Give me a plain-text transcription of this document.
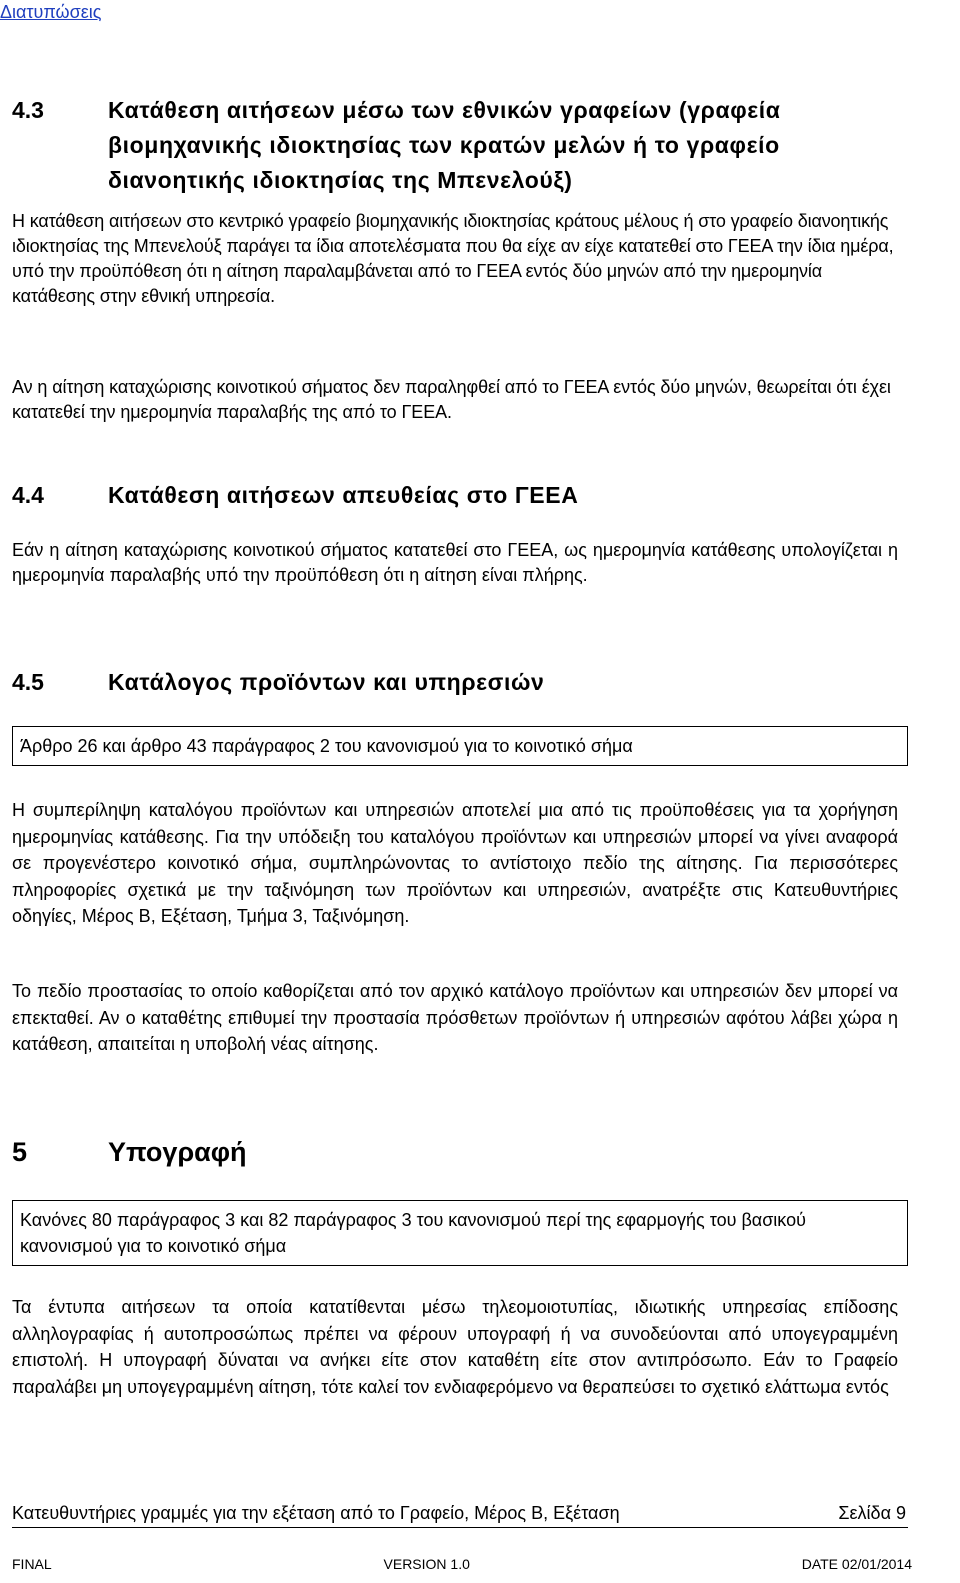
Διατυπώσεις
4.3	Κατάθεση αιτήσεων μέσω των εθνικών γραφείων (γραφεία βιομηχανικής ιδιοκτησίας των κρατών μελών ή το γραφείο διανοητικής ιδιοκτησίας της Μπενελούξ)

Η κατάθεση αιτήσεων στο κεντρικό γραφείο βιομηχανικής ιδιοκτησίας κράτους μέλους ή στο γραφείο διανοητικής ιδιοκτησίας της Μπενελούξ παράγει τα ίδια αποτελέσματα που θα είχε αν είχε κατατεθεί στο ΓΕΕΑ την ίδια ημέρα, υπό την προϋπόθεση ότι η αίτηση παραλαμβάνεται από το ΓΕΕΑ εντός δύο μηνών από την ημερομηνία κατάθεσης στην εθνική υπηρεσία.

Αν η αίτηση καταχώρισης κοινοτικού σήματος δεν παραληφθεί από το ΓΕΕΑ εντός δύο μηνών, θεωρείται ότι έχει κατατεθεί την ημερομηνία παραλαβής της από το ΓΕΕΑ.

4.4	Κατάθεση αιτήσεων απευθείας στο ΓΕΕΑ

Εάν η αίτηση καταχώρισης κοινοτικού σήματος κατατεθεί στο ΓΕΕΑ, ως ημερομηνία κατάθεσης υπολογίζεται η ημερομηνία παραλαβής υπό την προϋπόθεση ότι η αίτηση είναι πλήρης.

4.5	Κατάλογος προϊόντων και υπηρεσιών
Άρθρο 26 και άρθρο 43 παράγραφος 2 του κανονισμού για το κοινοτικό σήμα

Η συμπερίληψη καταλόγου προϊόντων και υπηρεσιών αποτελεί μια από τις προϋποθέσεις για τα χορήγηση ημερομηνίας κατάθεσης. Για την υπόδειξη του καταλόγου προϊόντων και υπηρεσιών μπορεί να γίνει αναφορά σε προγενέστερο κοινοτικό σήμα, συμπληρώνοντας το αντίστοιχο πεδίο της αίτησης. Για περισσότερες πληροφορίες σχετικά με την ταξινόμηση των προϊόντων και υπηρεσιών, ανατρέξτε στις Κατευθυντήριες οδηγίες, Μέρος Β, Εξέταση, Τμήμα 3, Ταξινόμηση.

Το πεδίο προστασίας το οποίο καθορίζεται από τον αρχικό κατάλογο προϊόντων και υπηρεσιών δεν μπορεί να επεκταθεί. Αν ο καταθέτης επιθυμεί την προστασία πρόσθετων προϊόντων ή υπηρεσιών αφότου λάβει χώρα η κατάθεση, απαιτείται η υποβολή νέας αίτησης.

5	Υπογραφή
Κανόνες 80 παράγραφος 3 και 82 παράγραφος 3 του κανονισμού περί της εφαρμογής του βασικού κανονισμού για το κοινοτικό σήμα

Τα έντυπα αιτήσεων τα οποία κατατίθενται μέσω τηλεομοιοτυπίας, ιδιωτικής υπηρεσίας επίδοσης αλληλογραφίας ή αυτοπροσώπως πρέπει να φέρουν υπογραφή ή να συνοδεύονται από υπογεγραμμένη επιστολή. Η υπογραφή δύναται να ανήκει είτε στον καταθέτη είτε στον αντιπρόσωπο. Εάν το Γραφείο παραλάβει μη υπογεγραμμένη αίτηση, τότε καλεί τον ενδιαφερόμενο να θεραπεύσει το σχετικό ελάττωμα εντός

Κατευθυντήριες γραμμές για την εξέταση από το Γραφείο, Μέρος Β, Εξέταση	Σελίδα 9
FINAL	VERSION 1.0	DATE 02/01/2014
